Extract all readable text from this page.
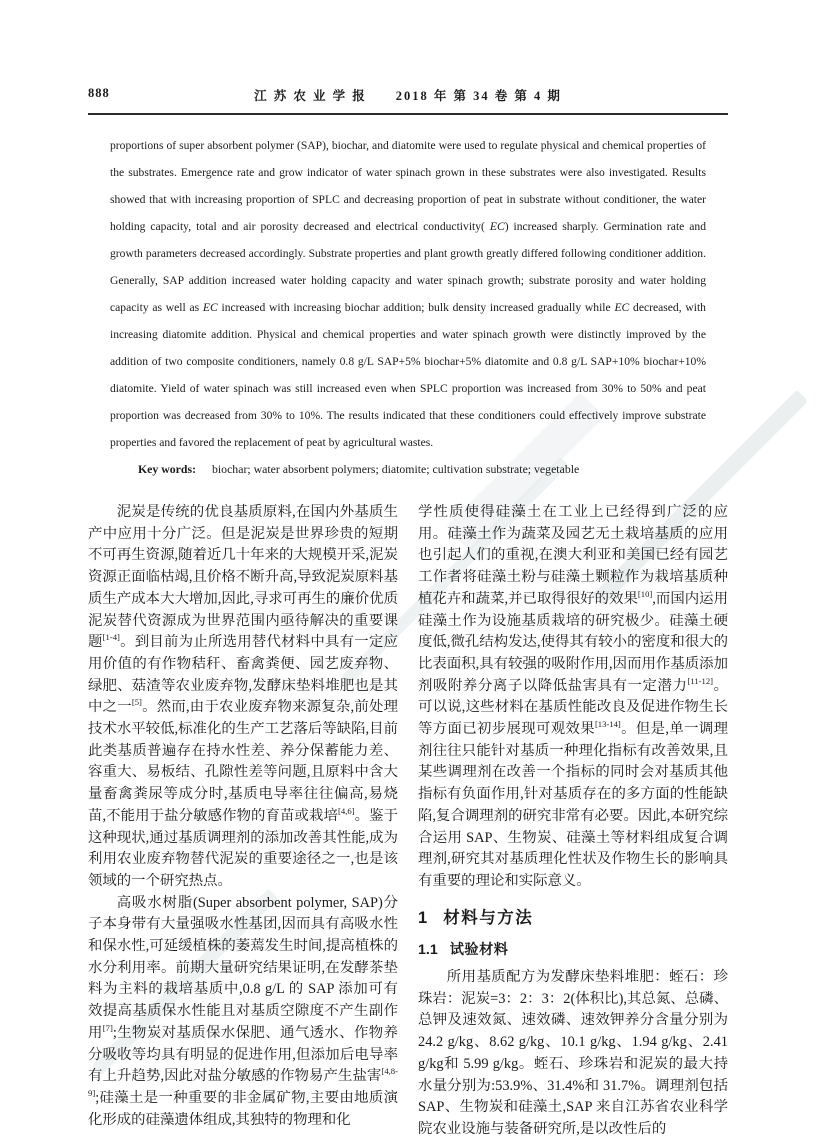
888	江 苏 农 业 学 报　　2018 年 第 34 卷 第 4 期

proportions of super absorbent polymer (SAP), biochar, and diatomite were used to regulate physical and chemical properties of the substrates. Emergence rate and grow indicator of water spinach grown in these substrates were also investigated. Results showed that with increasing proportion of SPLC and decreasing proportion of peat in substrate without conditioner, the water holding capacity, total and air porosity decreased and electrical conductivity( EC) increased sharply. Germination rate and growth parameters decreased accordingly. Substrate properties and plant growth greatly differed following conditioner addition. Generally, SAP addition increased water holding capacity and water spinach growth; substrate porosity and water holding capacity as well as EC increased with increasing biochar addition; bulk density increased gradually while EC decreased, with increasing diatomite addition. Physical and chemical properties and water spinach growth were distinctly improved by the addition of two composite conditioners, namely 0.8 g/L SAP+5% biochar+5% diatomite and 0.8 g/L SAP+10% biochar+10% diatomite. Yield of water spinach was still increased even when SPLC proportion was increased from 30% to 50% and peat proportion was decreased from 30% to 10%. The results indicated that these conditioners could effectively improve substrate properties and favored the replacement of peat by agricultural wastes.

Key words: biochar; water absorbent polymers; diatomite; cultivation substrate; vegetable

泥炭是传统的优良基质原料,在国内外基质生产中应用十分广泛。但是泥炭是世界珍贵的短期不可再生资源,随着近几十年来的大规模开采,泥炭资源正面临枯竭,且价格不断升高,导致泥炭原料基质生产成本大大增加,因此,寻求可再生的廉价优质泥炭替代资源成为世界范围内亟待解决的重要课题[1-4]。到目前为止所选用替代材料中具有一定应用价值的有作物秸秆、畜禽粪便、园艺废弃物、绿肥、菇渣等农业废弃物,发酵床垫料堆肥也是其中之一[5]。然而,由于农业废弃物来源复杂,前处理技术水平较低,标准化的生产工艺落后等缺陷,目前此类基质普遍存在持水性差、养分保蓄能力差、容重大、易板结、孔隙性差等问题,且原料中含大量畜禽粪尿等成分时,基质电导率往往偏高,易烧苗,不能用于盐分敏感作物的育苗或栽培[4,6]。鉴于这种现状,通过基质调理剂的添加改善其性能,成为利用农业废弃物替代泥炭的重要途径之一,也是该领域的一个研究热点。

高吸水树脂(Super absorbent polymer, SAP)分子本身带有大量强吸水性基团,因而具有高吸水性和保水性,可延缓植株的萎蔫发生时间,提高植株的水分利用率。前期大量研究结果证明,在发酵茶垫料为主料的栽培基质中,0.8 g/L 的 SAP 添加可有效提高基质保水性能且对基质空隙度不产生副作用[7];生物炭对基质保水保肥、通气透水、作物养分吸收等均具有明显的促进作用,但添加后电导率有上升趋势,因此对盐分敏感的作物易产生盐害[4,8-9];硅藻土是一种重要的非金属矿物,主要由地质演化形成的硅藻遗体组成,其独特的物理和化

学性质使得硅藻土在工业上已经得到广泛的应用。硅藻土作为蔬菜及园艺无土栽培基质的应用也引起人们的重视,在澳大利亚和美国已经有园艺工作者将硅藻土粉与硅藻土颗粒作为栽培基质种植花卉和蔬菜,并已取得很好的效果[10],而国内运用硅藻土作为设施基质栽培的研究极少。硅藻土硬度低,微孔结构发达,使得其有较小的密度和很大的比表面积,具有较强的吸附作用,因而用作基质添加剂吸附养分离子以降低盐害具有一定潜力[11-12]。可以说,这些材料在基质性能改良及促进作物生长等方面已初步展现可观效果[13-14]。但是,单一调理剂往往只能针对基质一种理化指标有改善效果,且某些调理剂在改善一个指标的同时会对基质其他指标有负面作用,针对基质存在的多方面的性能缺陷,复合调理剂的研究非常有必要。因此,本研究综合运用 SAP、生物炭、硅藻土等材料组成复合调理剂,研究其对基质理化性状及作物生长的影响具有重要的理论和实际意义。

1 材料与方法
1.1 试验材料

所用基质配方为发酵床垫料堆肥：蛭石：珍珠岩：泥炭=3：2：3：2(体积比),其总氮、总磷、总钾及速效氮、速效磷、速效钾养分含量分别为 24.2 g/kg、8.62 g/kg、10.1 g/kg、1.94 g/kg、2.41 g/kg和 5.99 g/kg。蛭石、珍珠岩和泥炭的最大持水量分别为:53.9%、31.4%和 31.7%。调理剂包括 SAP、生物炭和硅藻土,SAP 来自江苏省农业科学院农业设施与装备研究所,是以改性后的
